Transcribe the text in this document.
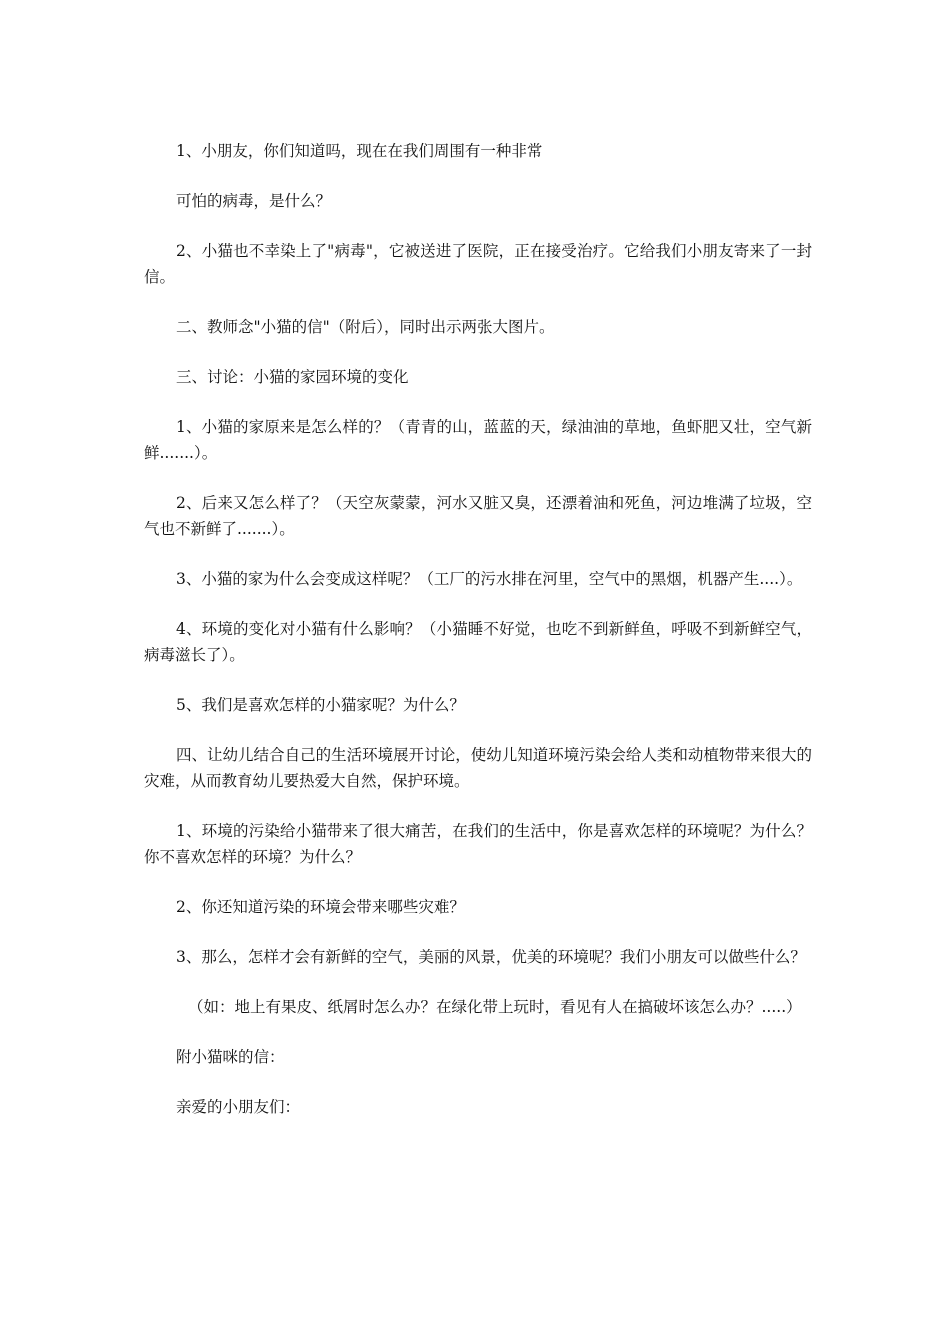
1、小朋友，你们知道吗，现在在我们周围有一种非常

可怕的病毒，是什么？

2、小猫也不幸染上了"病毒"，它被送进了医院，正在接受治疗。它给我们小朋友寄来了一封信。

二、教师念"小猫的信"（附后），同时出示两张大图片。

三、讨论：小猫的家园环境的变化

1、小猫的家原来是怎么样的？（青青的山，蓝蓝的天，绿油油的草地，鱼虾肥又壮，空气新鲜.......）。

2、后来又怎么样了？（天空灰蒙蒙，河水又脏又臭，还漂着油和死鱼，河边堆满了垃圾，空气也不新鲜了.......）。

3、小猫的家为什么会变成这样呢？（工厂的污水排在河里，空气中的黑烟，机器产生....）。

4、环境的变化对小猫有什么影响？（小猫睡不好觉，也吃不到新鲜鱼，呼吸不到新鲜空气，病毒滋长了）。

5、我们是喜欢怎样的小猫家呢？为什么？

四、让幼儿结合自己的生活环境展开讨论，使幼儿知道环境污染会给人类和动植物带来很大的灾难，从而教育幼儿要热爱大自然，保护环境。

1、环境的污染给小猫带来了很大痛苦，在我们的生活中，你是喜欢怎样的环境呢？为什么？你不喜欢怎样的环境？为什么？

2、你还知道污染的环境会带来哪些灾难？

3、那么，怎样才会有新鲜的空气，美丽的风景，优美的环境呢？我们小朋友可以做些什么？

（如：地上有果皮、纸屑时怎么办？在绿化带上玩时，看见有人在搞破坏该怎么办？.....）

附小猫咪的信：

亲爱的小朋友们：
